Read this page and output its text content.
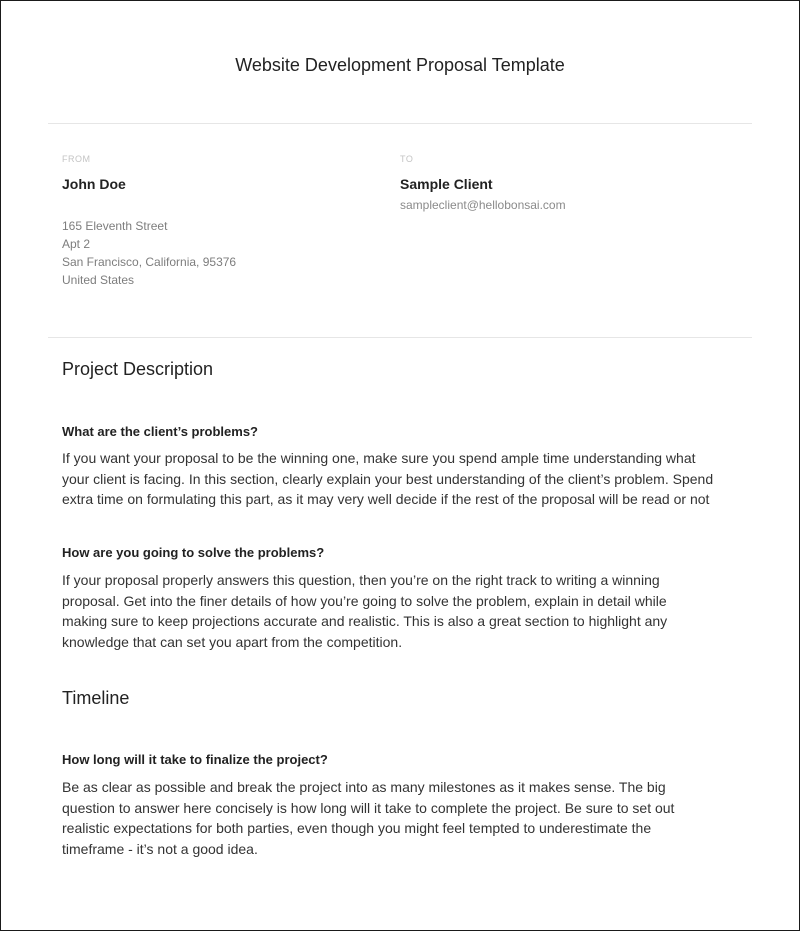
Website Development Proposal Template
FROM
John Doe
165 Eleventh Street
Apt 2
San Francisco, California, 95376
United States
TO
Sample Client
sampleclient@hellobonsai.com
Project Description
What are the client’s problems?
If you want your proposal to be the winning one, make sure you spend ample time understanding what
your client is facing. In this section, clearly explain your best understanding of the client’s problem. Spend
extra time on formulating this part, as it may very well decide if the rest of the proposal will be read or not
How are you going to solve the problems?
If your proposal properly answers this question, then you’re on the right track to writing a winning
proposal. Get into the finer details of how you’re going to solve the problem, explain in detail while
making sure to keep projections accurate and realistic. This is also a great section to highlight any
knowledge that can set you apart from the competition.
Timeline
How long will it take to finalize the project?
Be as clear as possible and break the project into as many milestones as it makes sense. The big
question to answer here concisely is how long will it take to complete the project. Be sure to set out
realistic expectations for both parties, even though you might feel tempted to underestimate the
timeframe - it’s not a good idea.
